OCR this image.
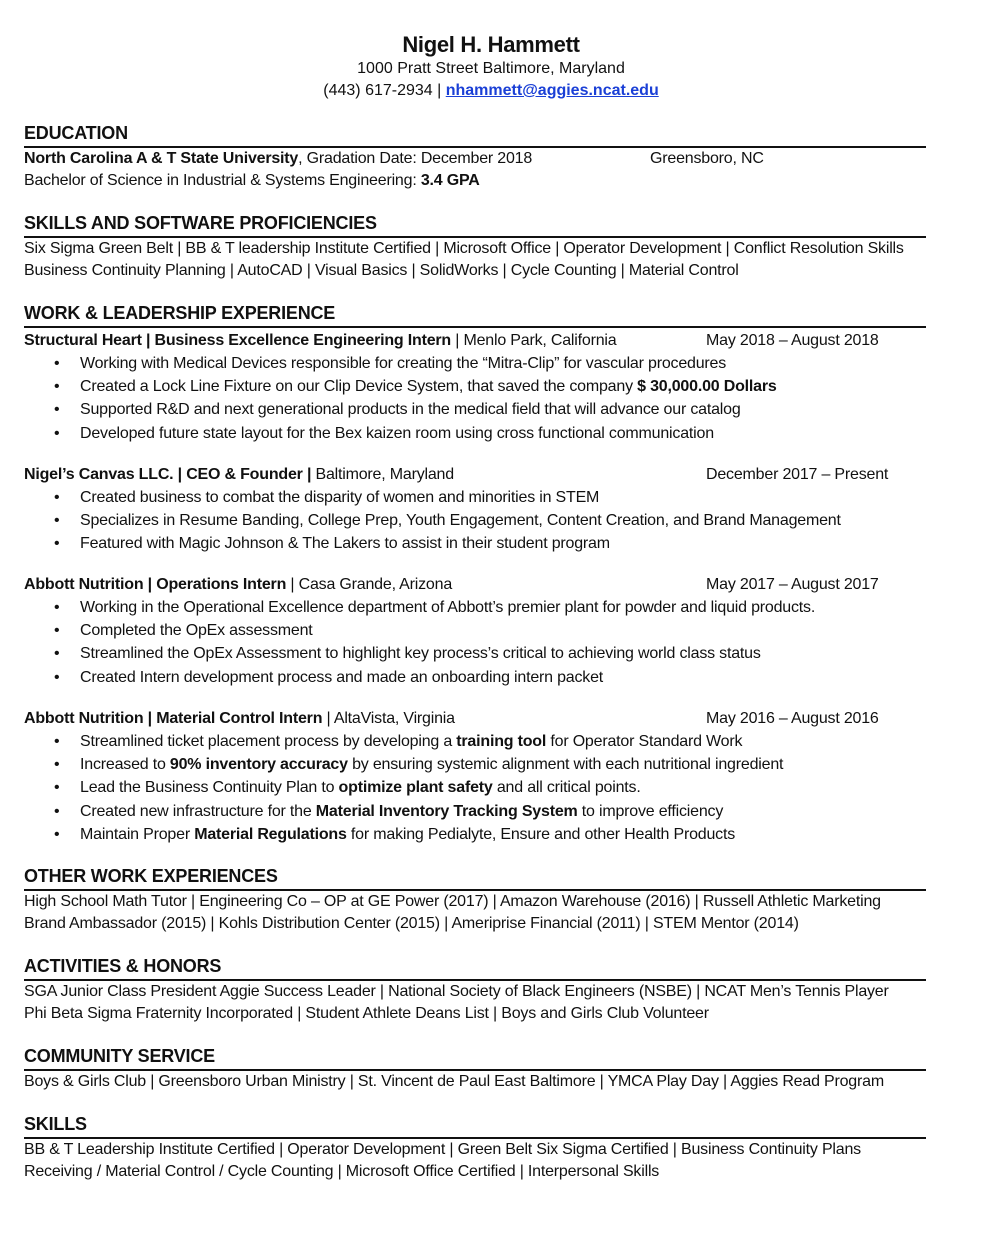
Nigel H. Hammett
1000 Pratt Street Baltimore, Maryland
(443) 617-2934 | nhammett@aggies.ncat.edu
EDUCATION
North Carolina A & T State University, Gradation Date: December 2018	Greensboro, NC
Bachelor of Science in Industrial & Systems Engineering: 3.4 GPA
SKILLS AND SOFTWARE PROFICIENCIES
Six Sigma Green Belt | BB & T leadership Institute Certified | Microsoft Office | Operator Development | Conflict Resolution Skills
Business Continuity Planning | AutoCAD | Visual Basics | SolidWorks | Cycle Counting | Material Control
WORK & LEADERSHIP EXPERIENCE
Structural Heart | Business Excellence Engineering Intern | Menlo Park, California	May 2018 – August 2018
• Working with Medical Devices responsible for creating the “Mitra-Clip” for vascular procedures
• Created a Lock Line Fixture on our Clip Device System, that saved the company $ 30,000.00 Dollars
• Supported R&D and next generational products in the medical field that will advance our catalog
• Developed future state layout for the Bex kaizen room using cross functional communication
Nigel’s Canvas LLC. | CEO & Founder | Baltimore, Maryland	December 2017 – Present
• Created business to combat the disparity of women and minorities in STEM
• Specializes in Resume Banding, College Prep, Youth Engagement, Content Creation, and Brand Management
• Featured with Magic Johnson & The Lakers to assist in their student program
Abbott Nutrition | Operations Intern | Casa Grande, Arizona	May 2017 – August 2017
• Working in the Operational Excellence department of Abbott’s premier plant for powder and liquid products.
• Completed the OpEx assessment
• Streamlined the OpEx Assessment to highlight key process’s critical to achieving world class status
• Created Intern development process and made an onboarding intern packet
Abbott Nutrition | Material Control Intern | AltaVista, Virginia	May 2016 – August 2016
• Streamlined ticket placement process by developing a training tool for Operator Standard Work
• Increased to 90% inventory accuracy by ensuring systemic alignment with each nutritional ingredient
• Lead the Business Continuity Plan to optimize plant safety and all critical points.
• Created new infrastructure for the Material Inventory Tracking System to improve efficiency
• Maintain Proper Material Regulations for making Pedialyte, Ensure and other Health Products
OTHER WORK EXPERIENCES
High School Math Tutor | Engineering Co – OP at GE Power (2017) | Amazon Warehouse (2016) | Russell Athletic Marketing
Brand Ambassador (2015) | Kohls Distribution Center (2015) | Ameriprise Financial (2011) | STEM Mentor (2014)
ACTIVITIES & HONORS
SGA Junior Class President Aggie Success Leader | National Society of Black Engineers (NSBE) | NCAT Men’s Tennis Player
Phi Beta Sigma Fraternity Incorporated | Student Athlete Deans List | Boys and Girls Club Volunteer
COMMUNITY SERVICE
Boys & Girls Club | Greensboro Urban Ministry | St. Vincent de Paul East Baltimore | YMCA Play Day | Aggies Read Program
SKILLS
BB & T Leadership Institute Certified | Operator Development | Green Belt Six Sigma Certified | Business Continuity Plans
Receiving / Material Control / Cycle Counting | Microsoft Office Certified | Interpersonal Skills
